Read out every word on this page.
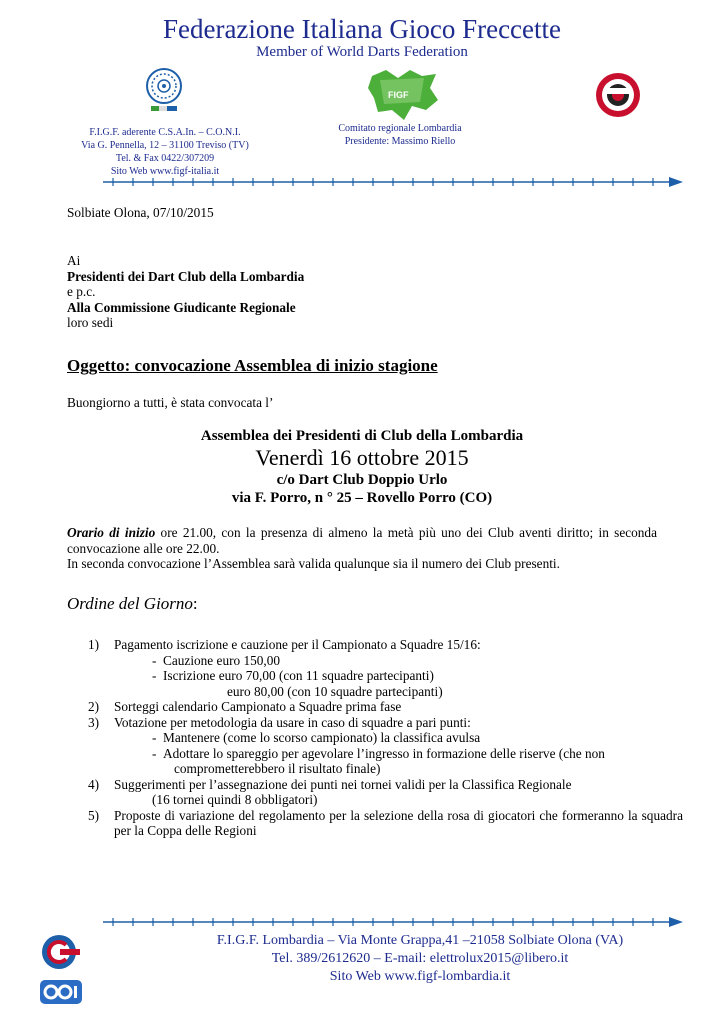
Federazione Italiana Gioco Freccette
Member of World Darts Federation
FIGF
F.I.G.F. aderente C.S.A.In. – C.O.N.I.
Via G. Pennella, 12 – 31100 Treviso (TV)
Tel. & Fax 0422/307209
Sito Web www.figf-italia.it
Comitato regionale Lombardia
Presidente: Massimo Riello
Solbiate Olona, 07/10/2015
Ai
Presidenti dei Dart Club della Lombardia
e p.c.
Alla Commissione Giudicante Regionale
loro sedi
Oggetto: convocazione Assemblea di inizio stagione
Buongiorno a tutti, è stata convocata l’
Assemblea dei Presidenti di Club della Lombardia
Venerdì 16 ottobre 2015
c/o Dart Club Doppio Urlo
via F. Porro, n ° 25 – Rovello Porro (CO)
Orario di inizio ore 21.00, con la presenza di almeno la metà più uno dei Club aventi diritto; in seconda convocazione alle ore 22.00.
In seconda convocazione l’Assemblea sarà valida qualunque sia il numero dei Club presenti.
Ordine del Giorno:
1)	Pagamento iscrizione e cauzione per il Campionato a Squadre 15/16:
- Cauzione euro 150,00
- Iscrizione euro 70,00 (con 11 squadre partecipanti)
euro 80,00 (con 10 squadre partecipanti)
2)	Sorteggi calendario Campionato a Squadre prima fase
3)	Votazione per metodologia da usare in caso di squadre a pari punti:
- Mantenere (come lo scorso campionato) la classifica avulsa
- Adottare lo spareggio per agevolare l’ingresso in formazione delle riserve (che non
comprometterebbero il risultato finale)
4)	Suggerimenti per l’assegnazione dei punti nei tornei validi per la Classifica Regionale
(16 tornei quindi 8 obbligatori)
5)	Proposte di variazione del regolamento per la selezione della rosa di giocatori che formeranno la squadra per la Coppa delle Regioni
F.I.G.F. Lombardia – Via Monte Grappa,41 –21058 Solbiate Olona (VA)
Tel. 389/2612620 – E-mail: elettrolux2015@libero.it
Sito Web www.figf-lombardia.it
